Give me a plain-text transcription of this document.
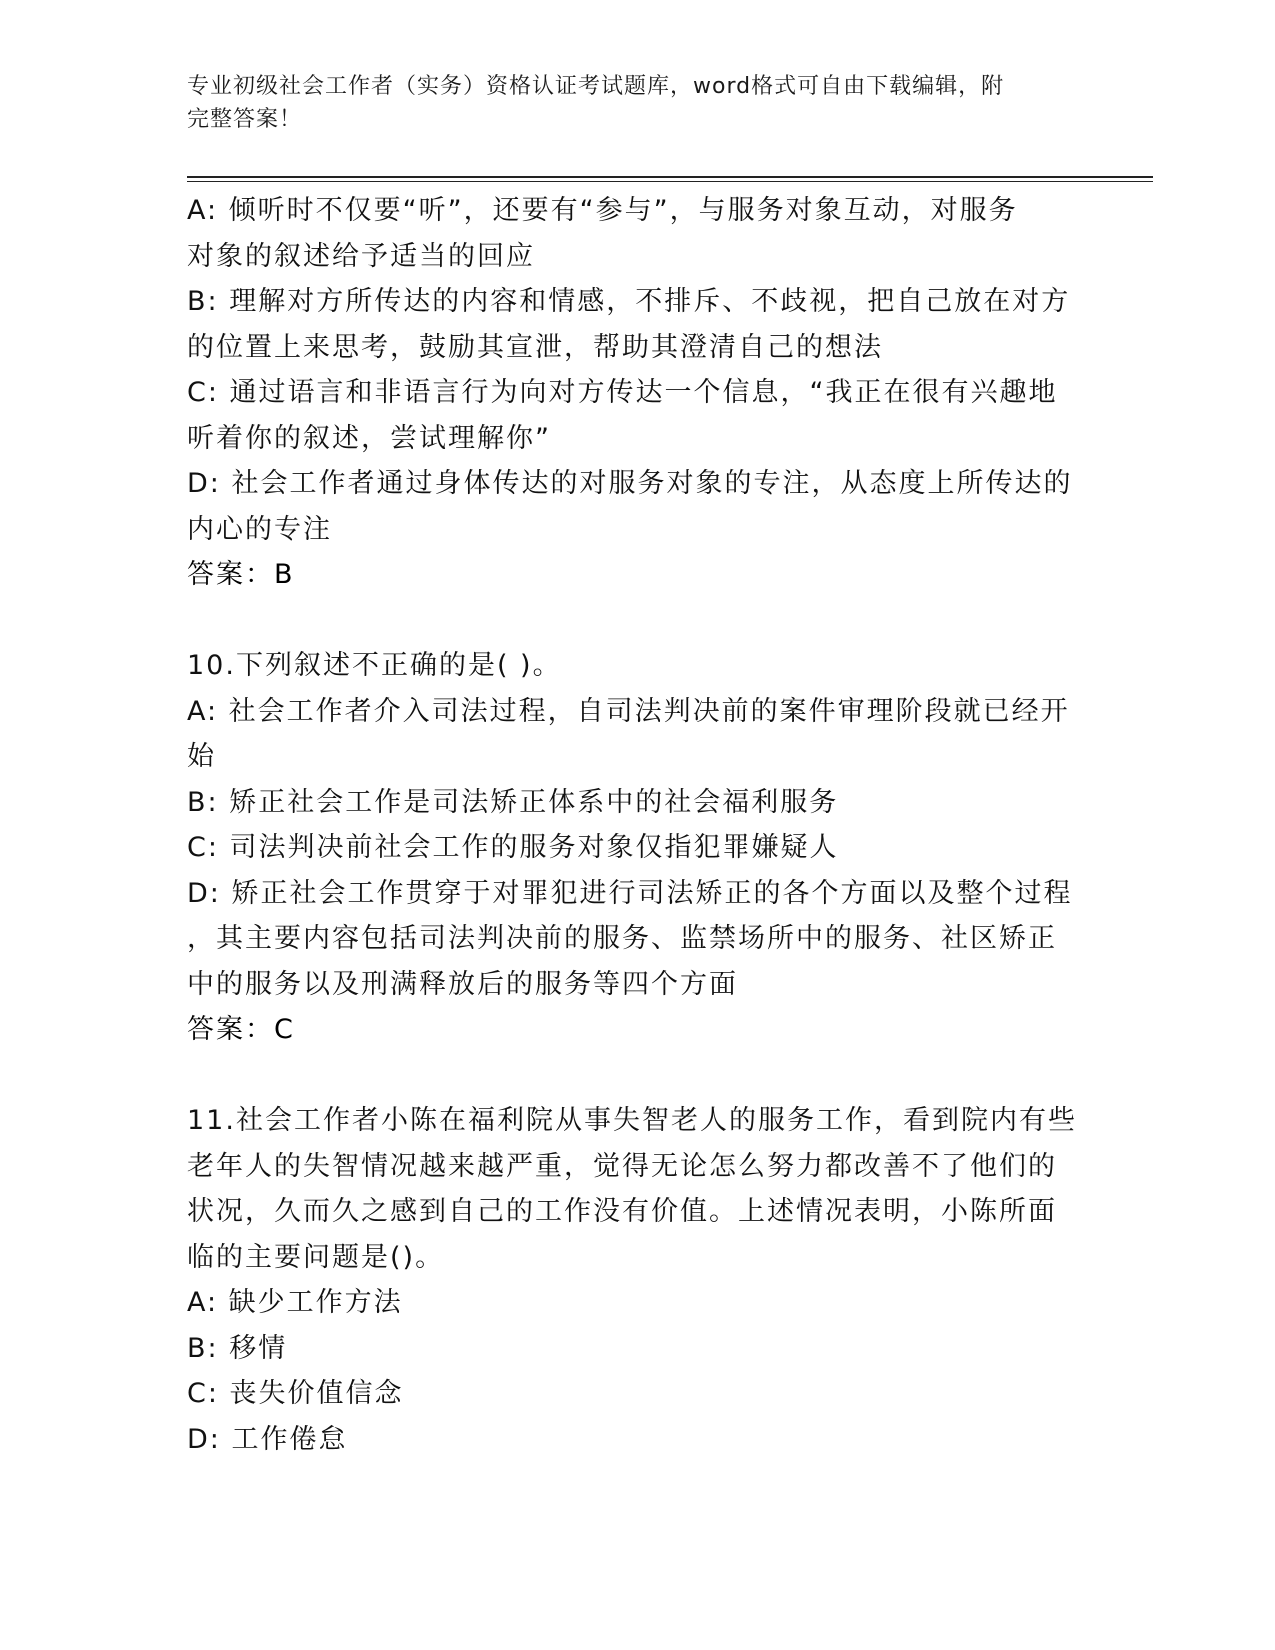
专业初级社会工作者（实务）资格认证考试题库，word格式可自由下载编辑，附
完整答案！
A: 倾听时不仅要“听”，还要有“参与”，与服务对象互动，对服务
对象的叙述给予适当的回应
B: 理解对方所传达的内容和情感，不排斥、不歧视，把自己放在对方
的位置上来思考，鼓励其宣泄，帮助其澄清自己的想法
C: 通过语言和非语言行为向对方传达一个信息，“我正在很有兴趣地
听着你的叙述，尝试理解你”
D: 社会工作者通过身体传达的对服务对象的专注，从态度上所传达的
内心的专注
答案：B
10.下列叙述不正确的是( )。
A: 社会工作者介入司法过程，自司法判决前的案件审理阶段就已经开
始
B: 矫正社会工作是司法矫正体系中的社会福利服务
C: 司法判决前社会工作的服务对象仅指犯罪嫌疑人
D: 矫正社会工作贯穿于对罪犯进行司法矫正的各个方面以及整个过程
，其主要内容包括司法判决前的服务、监禁场所中的服务、社区矫正
中的服务以及刑满释放后的服务等四个方面
答案：C
11.社会工作者小陈在福利院从事失智老人的服务工作，看到院内有些
老年人的失智情况越来越严重，觉得无论怎么努力都改善不了他们的
状况，久而久之感到自己的工作没有价值。上述情况表明，小陈所面
临的主要问题是()。
A: 缺少工作方法
B: 移情
C: 丧失价值信念
D: 工作倦怠
